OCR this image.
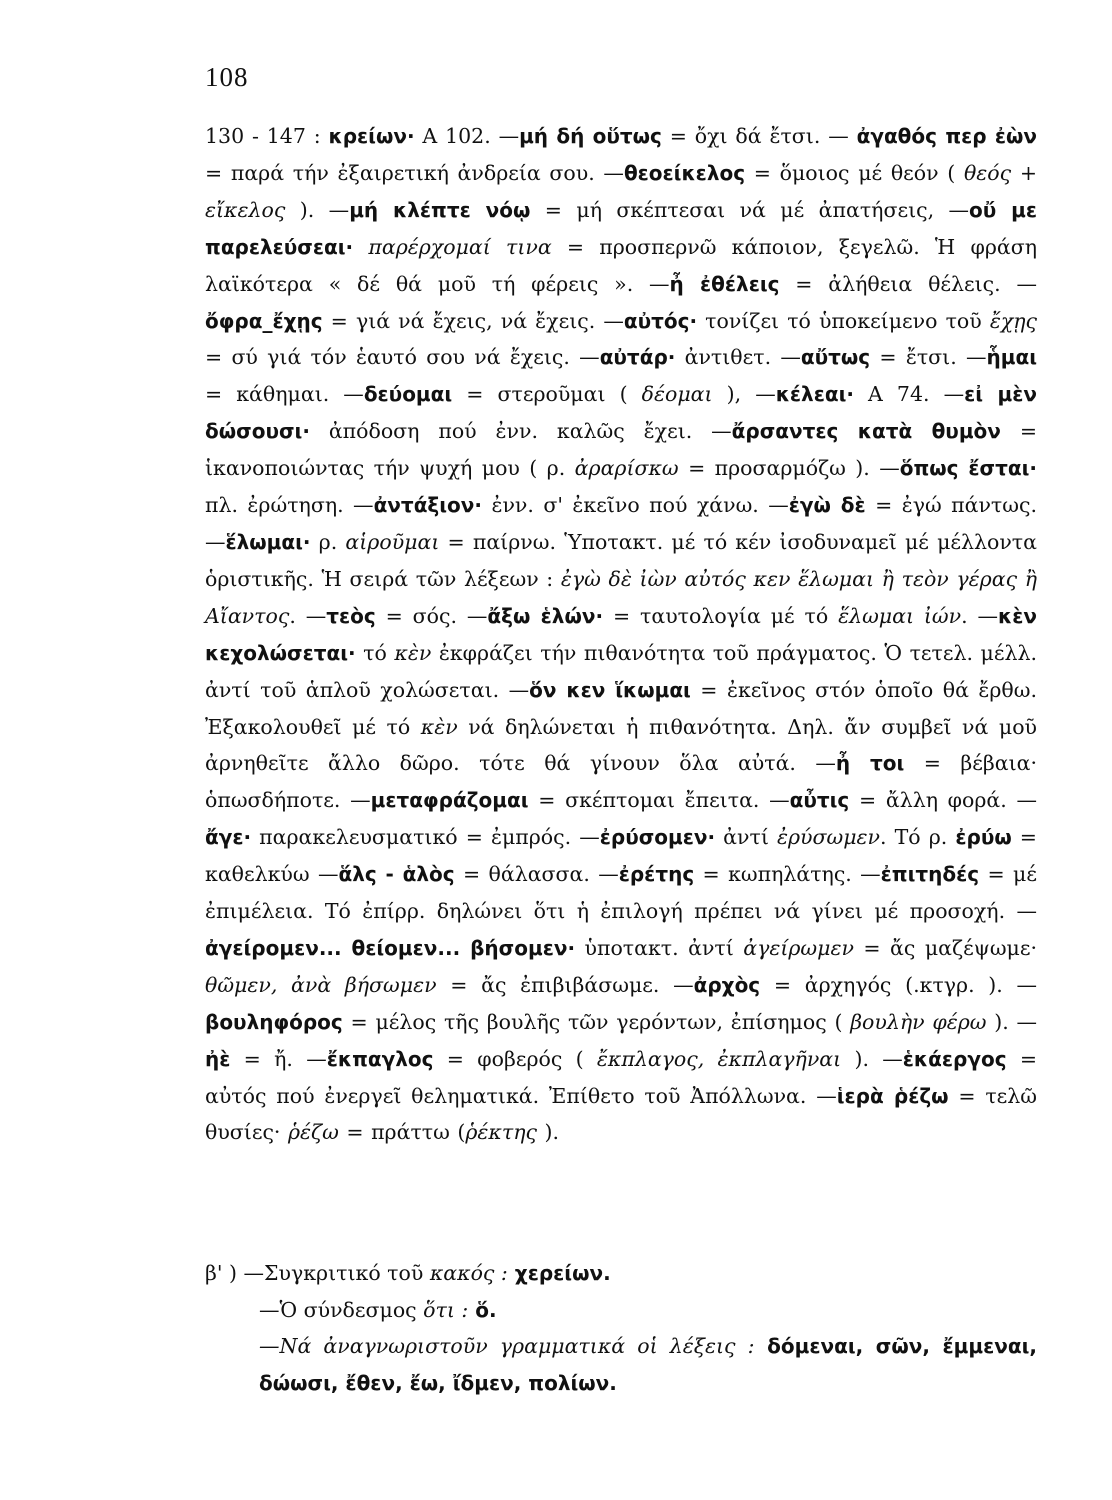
108
130 - 147 : κρείων· A 102. —μή δή οὕτως = ὄχι δά ἔτσι. — ἀγαθός περ ἐὼν = παρά τήν ἐξαιρετική ἀνδρεία σου. —θεοείκελος = ὅμοιος μέ θεόν ( θεός + εἴκελος ). —μή κλέπτε νόῳ = μή σκέπτεσαι νά μέ ἀπατήσεις, —οὔ με παρελεύσεαι· παρέρχομαί τινα = προσπερνῶ κάποιον, ξεγελῶ. Ἡ φράση λαϊκότερα « δέ θά μοῦ τή φέρεις ». —ἦ ἐθέλεις = ἀλήθεια θέλεις. —ὄφρα_ἔχῃς = γιά νά ἔχεις, νά ἔχεις. —αὐτός· τονίζει τό ὑποκείμενο τοῦ ἔχῃς = σύ γιά τόν ἑαυτό σου νά ἔχεις. —αὐτάρ· ἀντιθετ. —αὔτως = ἔτσι. —ἧμαι = κάθημαι. —δεύομαι = στεροῦμαι ( δέομαι ), —κέλεαι· A 74. —εἰ μὲν δώσουσι· ἀπόδοση πού ἐνν. καλῶς ἔχει. —ἄρσαντες κατὰ θυμὸν = ἱκανοποιώντας τήν ψυχή μου ( ρ. ἀραρίσκω = προσαρμόζω ). —ὅπως ἔσται· πλ. ἐρώτηση. —ἀντάξιον· ἐνν. σ' ἐκεῖνο πού χάνω. —ἐγὼ δὲ = ἐγώ πάντως. —ἕλωμαι· ρ. αἱροῦμαι = παίρνω. Ὑποτακτ. μέ τό κέν ἰσοδυναμεῖ μέ μέλλοντα ὁριστικῆς. Ἡ σειρά τῶν λέξεων : ἐγὼ δὲ ἰὼν αὐτός κεν ἕλωμαι ἢ τεὸν γέρας ἢ Αἴαντος. —τεὸς = σός. —ἄξω ἑλών· = ταυτολογία μέ τό ἕλωμαι ἰών. —κὲν κεχολώσεται· τό κὲν ἐκφράζει τήν πιθανότητα τοῦ πράγματος. Ὁ τετελ. μέλλ. ἀντί τοῦ ἁπλοῦ χολώσεται. —ὅν κεν ἵκωμαι = ἐκεῖνος στόν ὁποῖο θά ἔρθω. Ἐξακολουθεῖ μέ τό κὲν νά δηλώνεται ἡ πιθανότητα. Δηλ. ἄν συμβεῖ νά μοῦ ἀρνηθεῖτε ἄλλο δῶρο. τότε θά γίνουν ὅλα αὐτά. —ἦ τοι = βέβαια· ὁπωσδήποτε. —μεταφράζομαι = σκέπτομαι ἔπειτα. —αὖτις = ἄλλη φορά. —ἄγε· παρακελευσματικό = ἐμπρός. —ἐρύσομεν· ἀντί ἐρύσωμεν. Τό ρ. ἐρύω = καθελκύω —ἅλς - ἁλὸς = θάλασσα. —ἐρέτης = κωπηλάτης. —ἐπιτηδές = μέ ἐπιμέλεια. Τό ἐπίρρ. δηλώνει ὅτι ἡ ἐπιλογή πρέπει νά γίνει μέ προσοχή. —ἀγείρομεν... θείομεν... βήσομεν· ὑποτακτ. ἀντί ἀγείρωμεν = ἄς μαζέψωμε· θῶμεν, ἀνὰ βήσωμεν = ἄς ἐπιβιβάσωμε. —ἀρχὸς = ἀρχηγός (.κτγρ. ). —βουληφόρος = μέλος τῆς βουλῆς τῶν γερόντων, ἐπίσημος ( βουλὴν φέρω ). —ἠὲ = ἤ. —ἔκπαγλος = φοβερός ( ἔκπλαγος, ἐκπλαγῆναι ). —ἑκάεργος = αὐτός πού ἐνεργεῖ θεληματικά. Ἐπίθετο τοῦ Ἀπόλλωνα. —ἱερὰ ῥέζω = τελῶ θυσίες· ῥέζω = πράττω (ῥέκτης ).
β' ) —Συγκριτικό τοῦ κακός : χερείων.
—Ὁ σύνδεσμος ὅτι : ὅ.
—Νά ἀναγνωριστοῦν γραμματικά οἱ λέξεις : δόμεναι, σῶν, ἔμμεναι, δώωσι, ἔθεν, ἔω, ἴδμεν, πολίων.
